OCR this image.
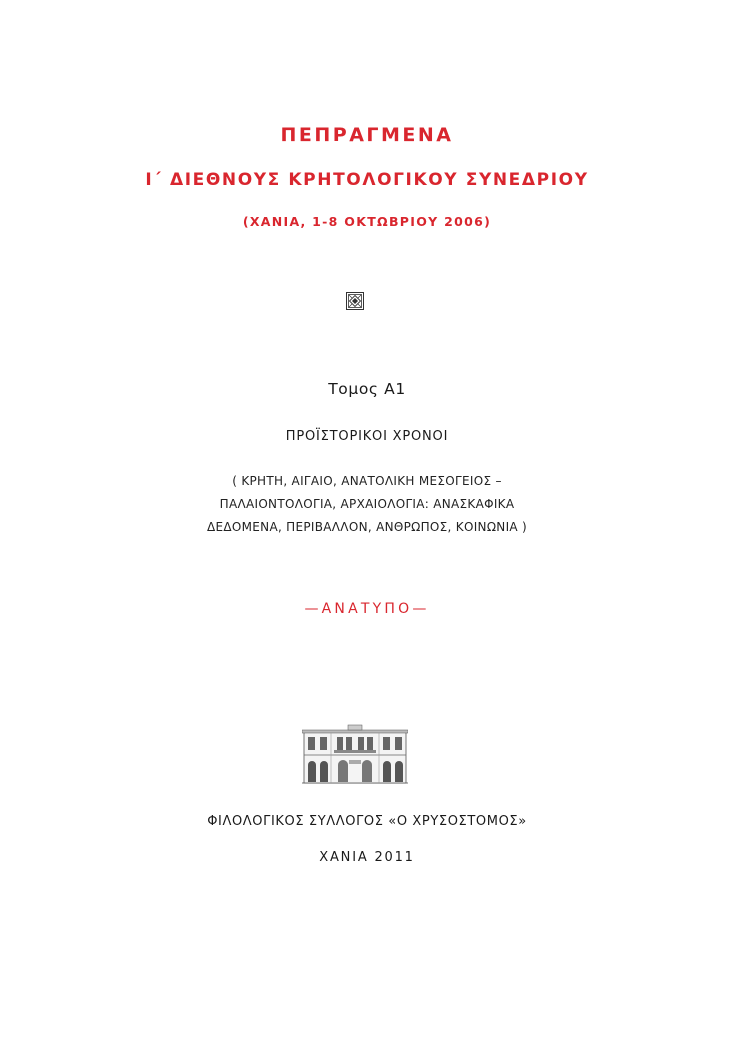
ΠΕΠΡΑΓΜΕΝΑ
Ι΄ ΔΙΕΘΝΟΥΣ ΚΡΗΤΟΛΟΓΙΚΟΥ ΣΥΝΕΔΡΙΟΥ
(ΧΑΝΙΑ, 1-8 ΟΚΤΩΒΡΙΟΥ 2006)
Τομος Α1
ΠΡΟΪΣΤΟΡΙΚΟΙ ΧΡΟΝΟΙ
( ΚΡΗΤΗ, ΑΙΓΑΙΟ, ΑΝΑΤΟΛΙΚΗ ΜΕΣΟΓΕΙΟΣ –
ΠΑΛΑΙΟΝΤΟΛΟΓΙΑ, ΑΡΧΑΙΟΛΟΓΙΑ: ΑΝΑΣΚΑΦΙΚΑ
ΔΕΔΟΜΕΝΑ, ΠΕΡΙΒΑΛΛΟΝ, ΑΝΘΡΩΠΟΣ, ΚΟΙΝΩΝΙΑ )
—ΑΝΑΤΥΠΟ—
ΦΙΛΟΛΟΓΙΚΟΣ ΣΥΛΛΟΓΟΣ «Ο ΧΡΥΣΟΣΤΟΜΟΣ»
ΧΑΝΙΑ 2011
